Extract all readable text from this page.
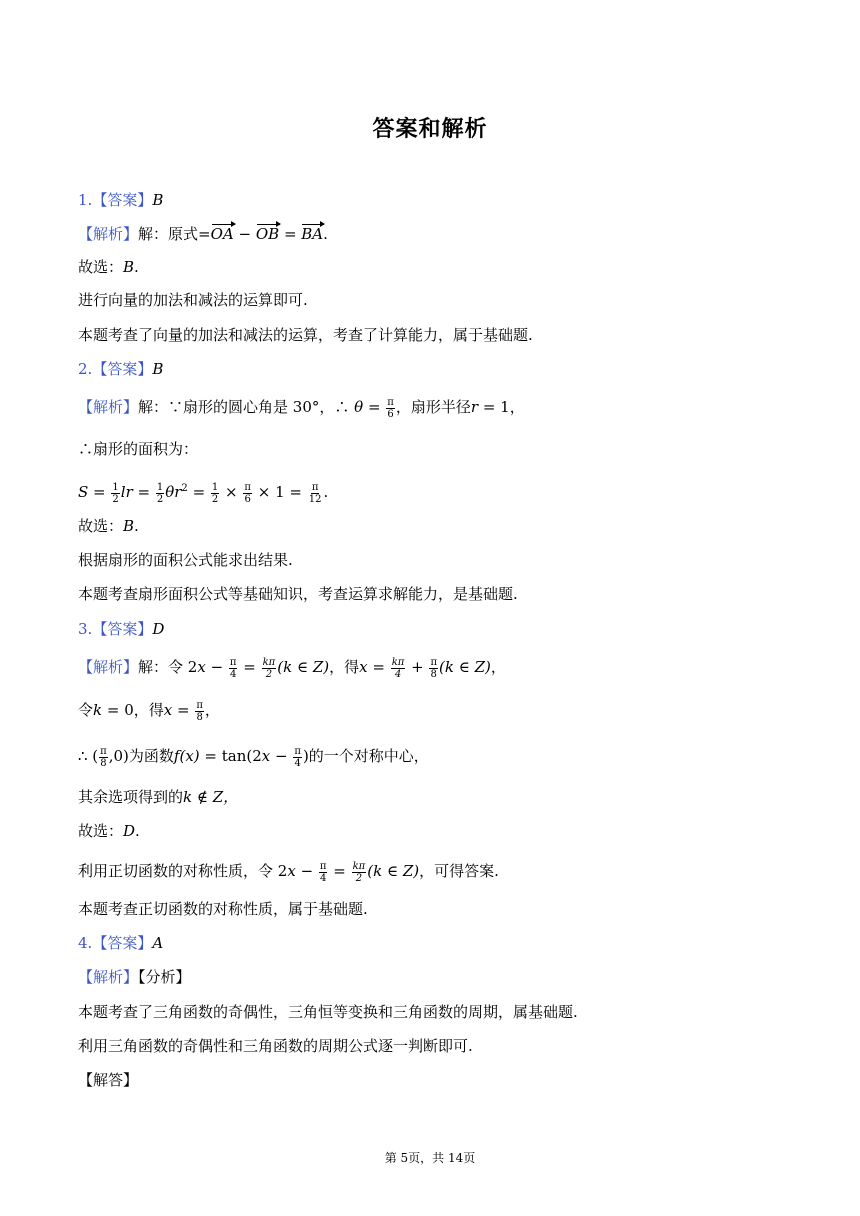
答案和解析
1.【答案】B
【解析】解：原式=OA − OB = BA.
故选：B.
进行向量的加法和减法的运算即可.
本题考查了向量的加法和减法的运算，考查了计算能力，属于基础题.
2.【答案】B
【解析】解：∵扇形的圆心角是 30°，∴ $\theta = \frac{\pi}{6}$ ，扇形半径r = 1，
∴扇形的面积为：
$S = \frac{1}{2}$ lr = $\frac{1}{2} \theta r^2 = \frac{1}{2} \times \frac{\pi}{6} \times 1 = \frac{\pi}{12}$ .
故选：B.
根据扇形的面积公式能求出结果.
本题考查扇形面积公式等基础知识，考查运算求解能力，是基础题.
3.【答案】D
【解析】解：令 $2x - \frac{\pi}{4} = \frac{k\pi}{2} (k$ ∈ Z)，得$x = \frac{k\pi}{4} + \frac{\pi}{8} (k$ ∈ Z)，
令k = 0，得$x = \frac{\pi}{8}$ ，
∴ ( $\frac{\pi}{8} ,0$)为函数$f(x) = \tan(2x - \frac{\pi}{4}$ )的一个对称中心，
其余选项得到的k ∉ Z，
故选：D.
利用正切函数的对称性质，令 $2x - \frac{\pi}{4} = \frac{k\pi}{2} (k$ ∈ Z)，可得答案.
本题考查正切函数的对称性质，属于基础题.
4.【答案】A
【解析】【分析】
本题考查了三角函数的奇偶性，三角恒等变换和三角函数的周期，属基础题.
利用三角函数的奇偶性和三角函数的周期公式逐一判断即可.
【解答】
第 5页，共 14页
